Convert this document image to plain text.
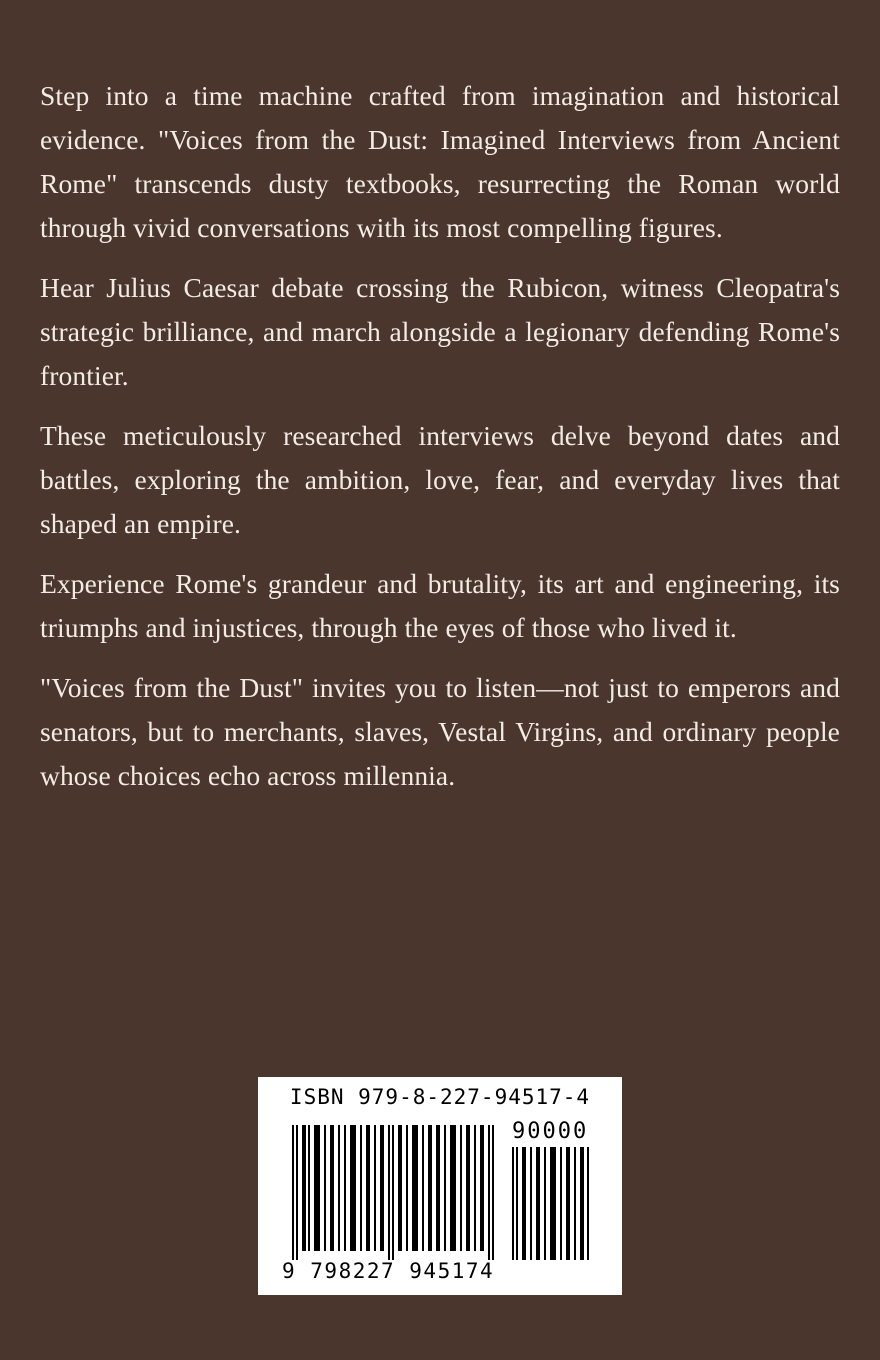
Step into a time machine crafted from imagination and historical evidence. "Voices from the Dust: Imagined Interviews from Ancient Rome" transcends dusty textbooks, resurrecting the Roman world through vivid conversations with its most compelling figures.

Hear Julius Caesar debate crossing the Rubicon, witness Cleopatra's strategic brilliance, and march alongside a legionary defending Rome's frontier.

These meticulously researched interviews delve beyond dates and battles, exploring the ambition, love, fear, and everyday lives that shaped an empire.

Experience Rome's grandeur and brutality, its art and engineering, its triumphs and injustices, through the eyes of those who lived it.

"Voices from the Dust" invites you to listen—not just to emperors and senators, but to merchants, slaves, Vestal Virgins, and ordinary people whose choices echo across millennia.

ISBN 979-8-227-94517-4
90000
9 798227 945174
